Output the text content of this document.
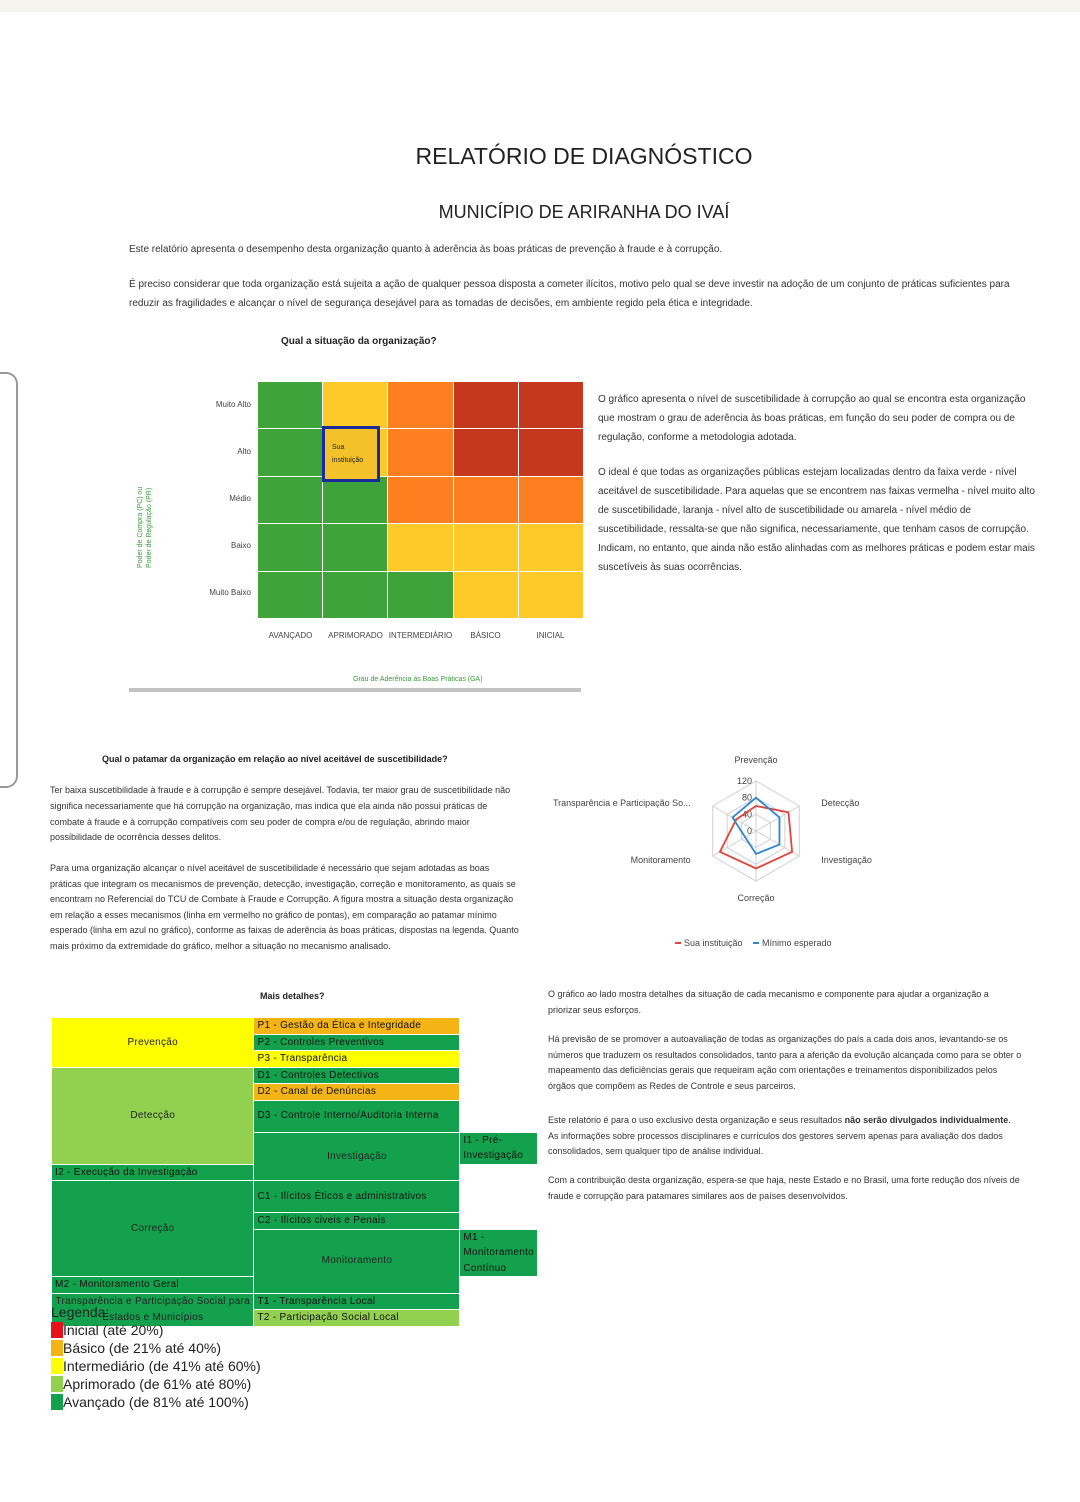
RELATÓRIO DE DIAGNÓSTICO
MUNICÍPIO DE ARIRANHA DO IVAÍ
Este relatório apresenta o desempenho desta organização quanto à aderência às boas práticas de prevenção à fraude e à corrupção.
É preciso considerar que toda organização está sujeita a ação de qualquer pessoa disposta a cometer ilícitos, motivo pelo qual se deve investir na adoção de um conjunto de práticas suficientes para reduzir as fragilidades e alcançar o nível de segurança desejável para as tomadas de decisões, em ambiente regido pela ética e integridade.
Qual a situação da organização?
Poder de Compra (PC) ou Poder de Regulação (PR)
Sua
instituição
Grau de Aderência às Boas Práticas (GA)
O gráfico apresenta o nível de suscetibilidade à corrupção ao qual se encontra esta organização que mostram o grau de aderência às boas práticas, em função do seu poder de compra ou de regulação, conforme a metodologia adotada.
O ideal é que todas as organizações públicas estejam localizadas dentro da faixa verde - nível aceitável de suscetibilidade. Para aquelas que se encontrem nas faixas vermelha - nível muito alto de suscetibilidade, laranja - nível alto de suscetibilidade ou amarela - nível médio de suscetibilidade, ressalta-se que não significa, necessariamente, que tenham casos de corrupção. Indicam, no entanto, que ainda não estão alinhadas com as melhores práticas e podem estar mais suscetíveis às suas ocorrências.
Qual o patamar da organização em relação ao nível aceitável de suscetibilidade?
Ter baixa suscetibilidade à fraude e à corrupção é sempre desejável. Todavia, ter maior grau de suscetibilidade não significa necessariamente que há corrupção na organização, mas indica que ela ainda não possui práticas de combate à fraude e à corrupção compatíveis com seu poder de compra e/ou de regulação, abrindo maior possibilidade de ocorrência desses delitos.
Para uma organização alcançar o nível aceitável de suscetibilidade é necessário que sejam adotadas as boas práticas que integram os mecanismos de prevenção, detecção, investigação, correção e monitoramento, as quais se encontram no Referencial do TCU de Combate à Fraude e Corrupção. A figura mostra a situação desta organização em relação a esses mecanismos (linha em vermelho no gráfico de pontas), em comparação ao patamar mínimo esperado (linha em azul no gráfico), conforme as faixas de aderência às boas práticas, dispostas na legenda. Quanto mais próximo da extremidade do gráfico, melhor a situação no mecanismo analisado.
120
80
40
0
Prevenção
Detecção
Investigação
Correção
Monitoramento
Transparência e Participação So...
Sua instituição Mínimo esperado
Mais detalhes?
Prevenção	P1 - Gestão da Ética e Integridade	
	P2 - Controles Preventivos	
	P3 - Transparência	
Detecção	D1 - Controles Detectivos	
	D2 - Canal de Denúncias	
	D3 - Controle Interno/Auditoria Interna	
	Investigação	I1 - Pré-Investigação
I2 - Execução da Investigação		
Correção	C1 - Ilícitos Éticos e administrativos	
	C2 - Ilícitos civeis e Penais	
	Monitoramento	M1 - Monitoramento Contínuo
M2 - Monitoramento Geral		
Transparência e Participação Social para Estados e Municípios	T1 - Transparência Local	
	T2 - Participação Social Local	
O gráfico ao lado mostra detalhes da situação de cada mecanismo e componente para ajudar a organização a priorizar seus esforços.
Há previsão de se promover a autoavaliação de todas as organizações do país a cada dois anos, levantando-se os números que traduzem os resultados consolidados, tanto para a aferição da evolução alcançada como para se obter o mapeamento das deficiências gerais que requeiram ação com orientações e treinamentos disponibilizados pelos órgãos que compõem as Redes de Controle e seus parceiros.
Este relatório é para o uso exclusivo desta organização e seus resultados não serão divulgados individualmente. As informações sobre processos disciplinares e currículos dos gestores servem apenas para avaliação dos dados consolidados, sem qualquer tipo de análise individual.
Com a contribuição desta organização, espera-se que haja, neste Estado e no Brasil, uma forte redução dos níveis de fraude e corrupção para patamares similares aos de países desenvolvidos.
Legenda:
Inicial (até 20%)
Básico (de 21% até 40%)
Intermediário (de 41% até 60%)
Aprimorado (de 61% até 80%)
Avançado (de 81% até 100%)
Muito Alto
Alto
Médio
Baixo
Muito Baixo
AVANÇADO	APRIMORADO INTERMEDIÁRIO	BÁSICO	INICIAL
